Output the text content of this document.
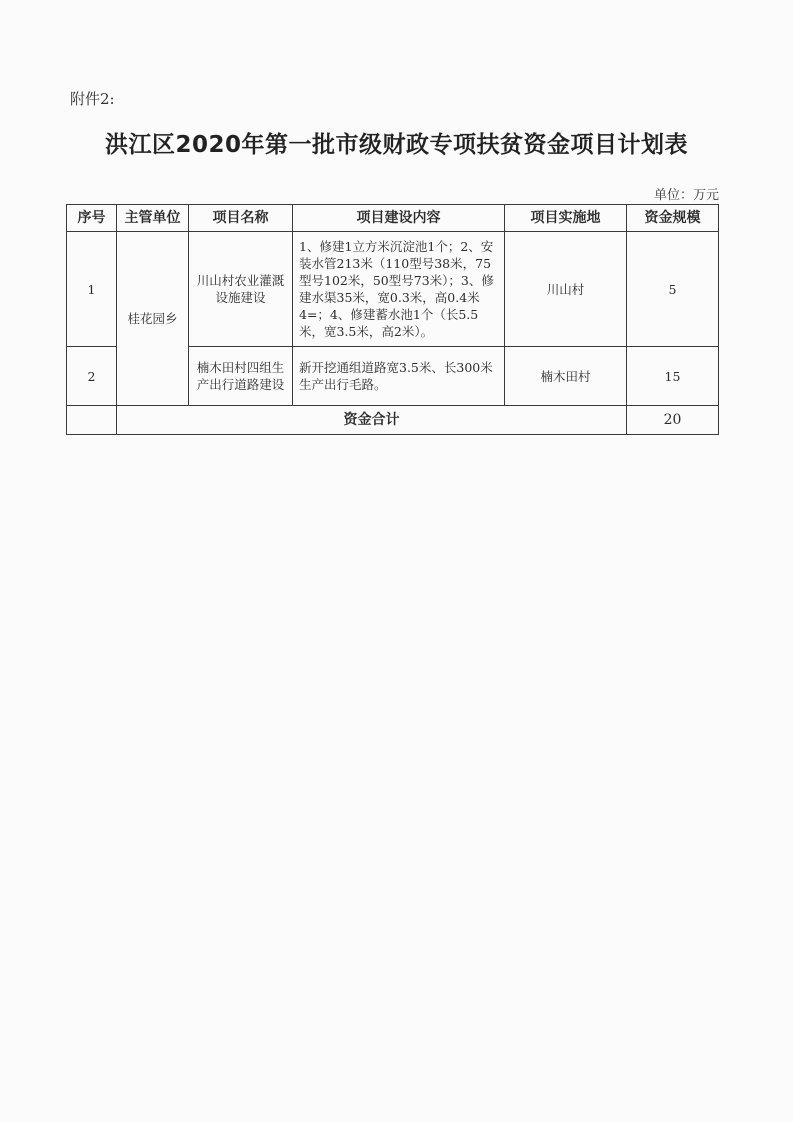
附件2:
洪江区2020年第一批市级财政专项扶贫资金项目计划表
单位：万元
序号	主管单位	项目名称	项目建设内容	项目实施地	资金规模
1	桂花园乡	川山村农业灌溉设施建设	1、修建1立方米沉淀池1个；2、安装水管213米（110型号38米，75型号102米，50型号73米）；3、修建水渠35米，宽0.3米，高0.4米4=；4、修建蓄水池1个（长5.5米，宽3.5米，高2米）。	川山村	5
2		楠木田村四组生产出行道路建设	新开挖通组道路宽3.5米、长300米生产出行毛路。	楠木田村	15
	资金合计				20
